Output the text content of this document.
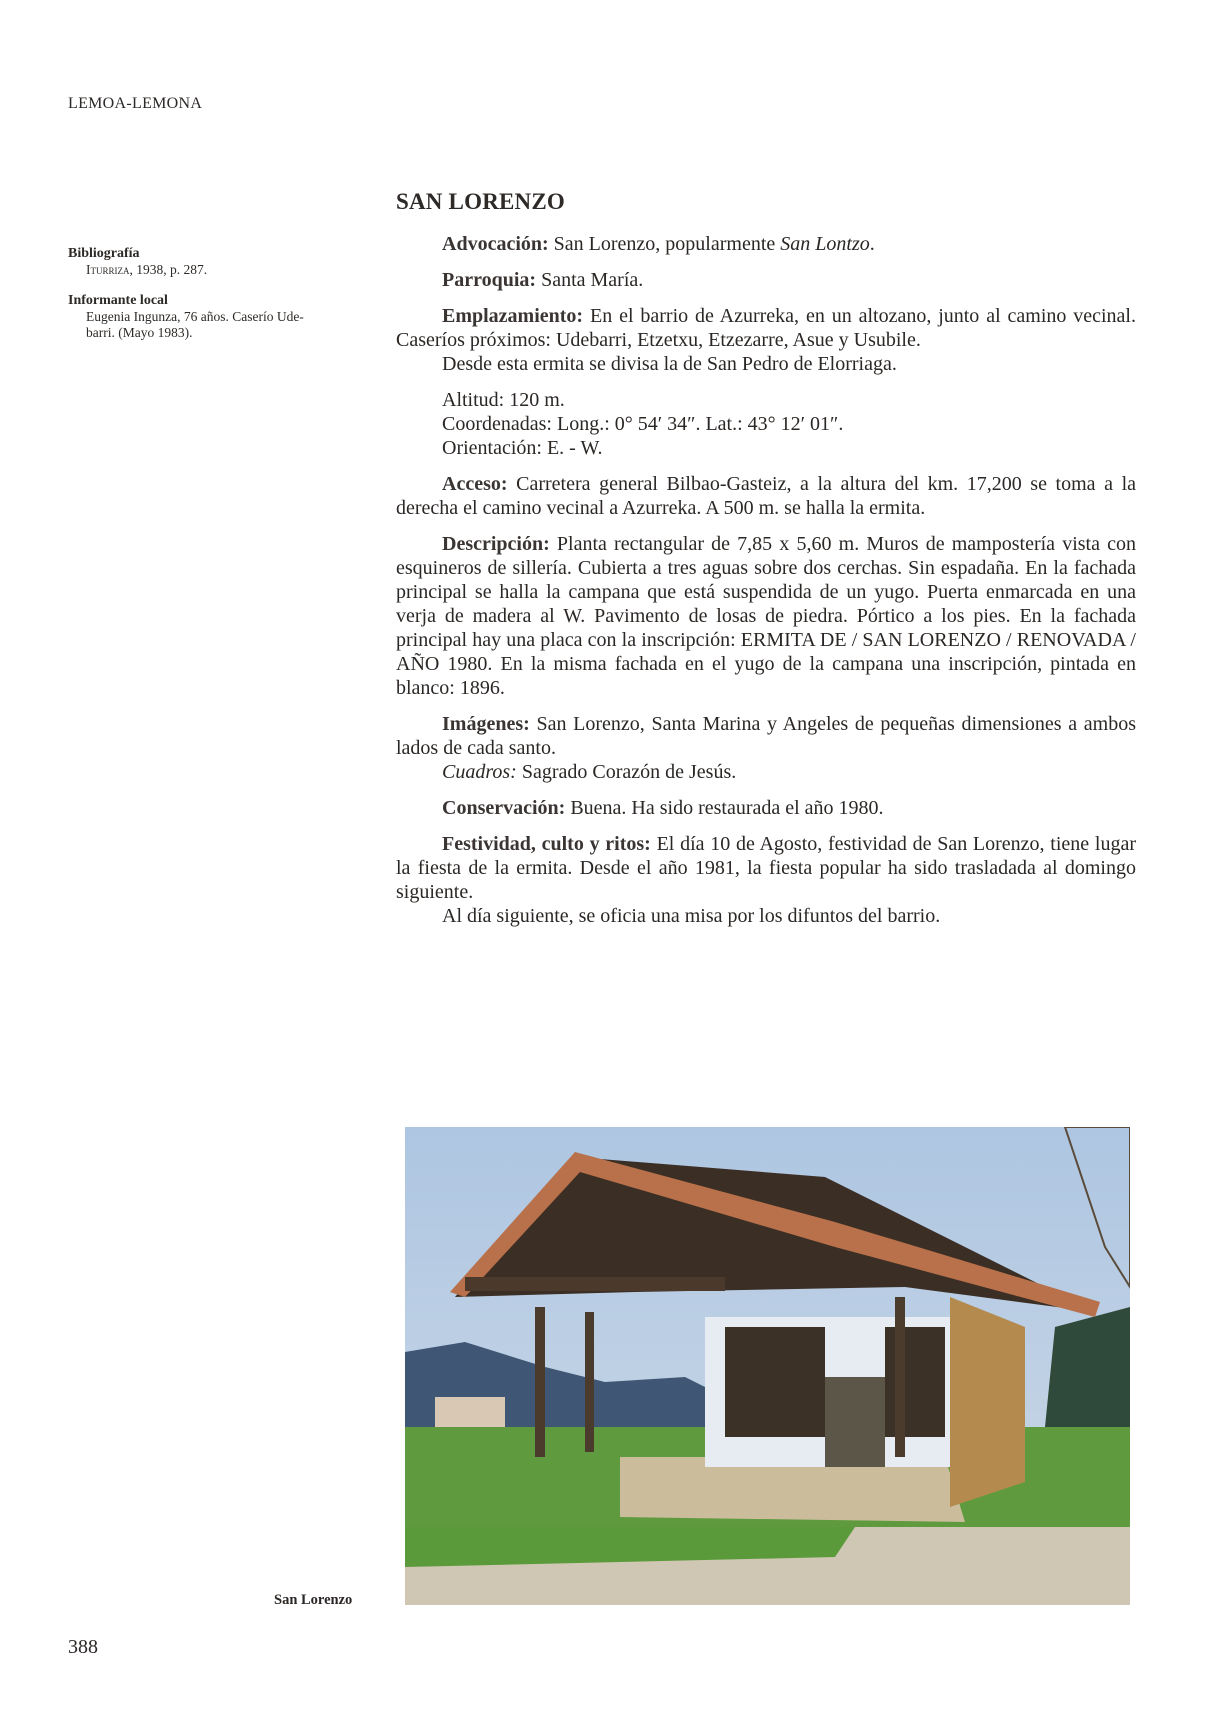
LEMOA-LEMONA
Bibliografía
Iturriza, 1938, p. 287.
Informante local
Eugenia Ingunza, 76 años. Caserío Ude-
barri. (Mayo 1983).
SAN LORENZO

Advocación: San Lorenzo, popularmente San Lontzo.

Parroquia: Santa María.

Emplazamiento: En el barrio de Azurreka, en un altozano, junto al camino vecinal. Caseríos próximos: Udebarri, Etzetxu, Etzezarre, Asue y Usubile.

Desde esta ermita se divisa la de San Pedro de Elorriaga.

Altitud: 120 m.

Coordenadas: Long.: 0° 54′ 34″. Lat.: 43° 12′ 01″.

Orientación: E. - W.

Acceso: Carretera general Bilbao-Gasteiz, a la altura del km. 17,200 se toma a la derecha el camino vecinal a Azurreka. A 500 m. se halla la ermita.

Descripción: Planta rectangular de 7,85 x 5,60 m. Muros de mampostería vista con esquineros de sillería. Cubierta a tres aguas sobre dos cerchas. Sin espadaña. En la fachada principal se halla la campana que está suspendida de un yugo. Puerta enmarcada en una verja de madera al W. Pavimento de losas de piedra. Pórtico a los pies. En la fachada principal hay una placa con la inscripción: ERMITA DE / SAN LORENZO / RENOVADA / AÑO 1980. En la misma fachada en el yugo de la campana una inscripción, pintada en blanco: 1896.

Imágenes: San Lorenzo, Santa Marina y Angeles de pequeñas dimensiones a ambos lados de cada santo.

Cuadros: Sagrado Corazón de Jesús.

Conservación: Buena. Ha sido restaurada el año 1980.

Festividad, culto y ritos: El día 10 de Agosto, festividad de San Lorenzo, tiene lugar la fiesta de la ermita. Desde el año 1981, la fiesta popular ha sido trasladada al domingo siguiente.

Al día siguiente, se oficia una misa por los difuntos del barrio.

San Lorenzo
388
